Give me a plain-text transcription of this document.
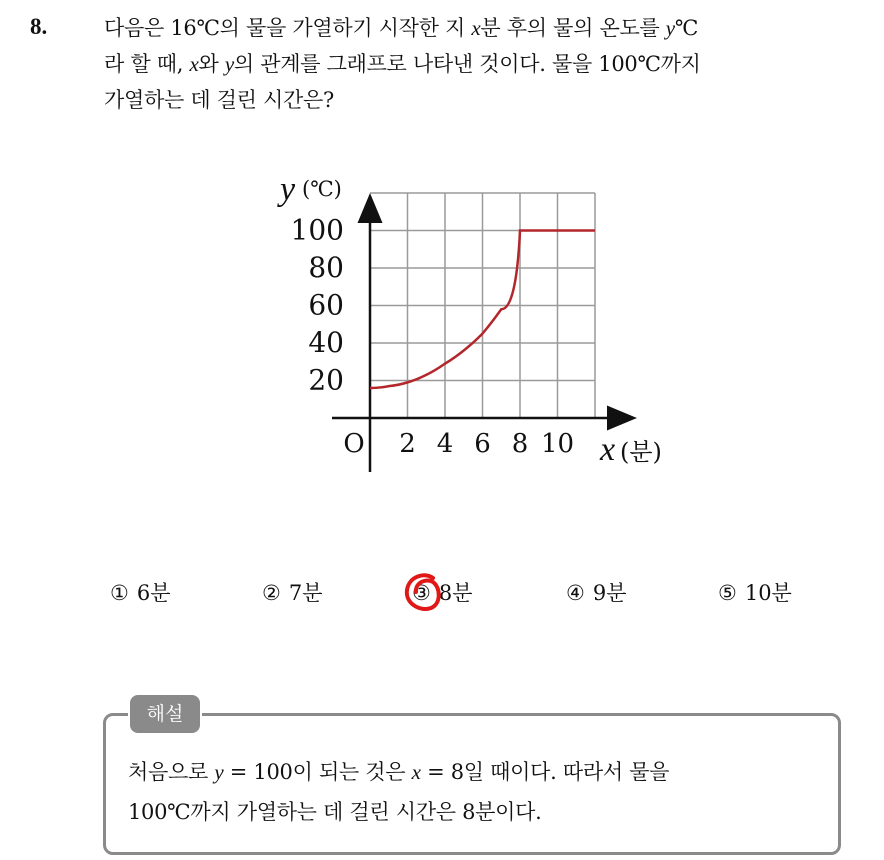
8.	다음은 16℃의 물을 가열하기 시작한 지 x분 후의 물의 온도를 y℃
라 할 때, x와 y의 관계를 그래프로 나타낸 것이다. 물을 100℃까지
가열하는 데 걸린 시간은?
O
y (℃)
x (분)
20
40
60
80
100
2 4 6 8 10
① 6분	② 7분	③ 8분	④ 9분	⑤ 10분
해설
처음으로 y = 100이 되는 것은 x = 8일 때이다. 따라서 물을
100℃까지 가열하는 데 걸린 시간은 8분이다.
